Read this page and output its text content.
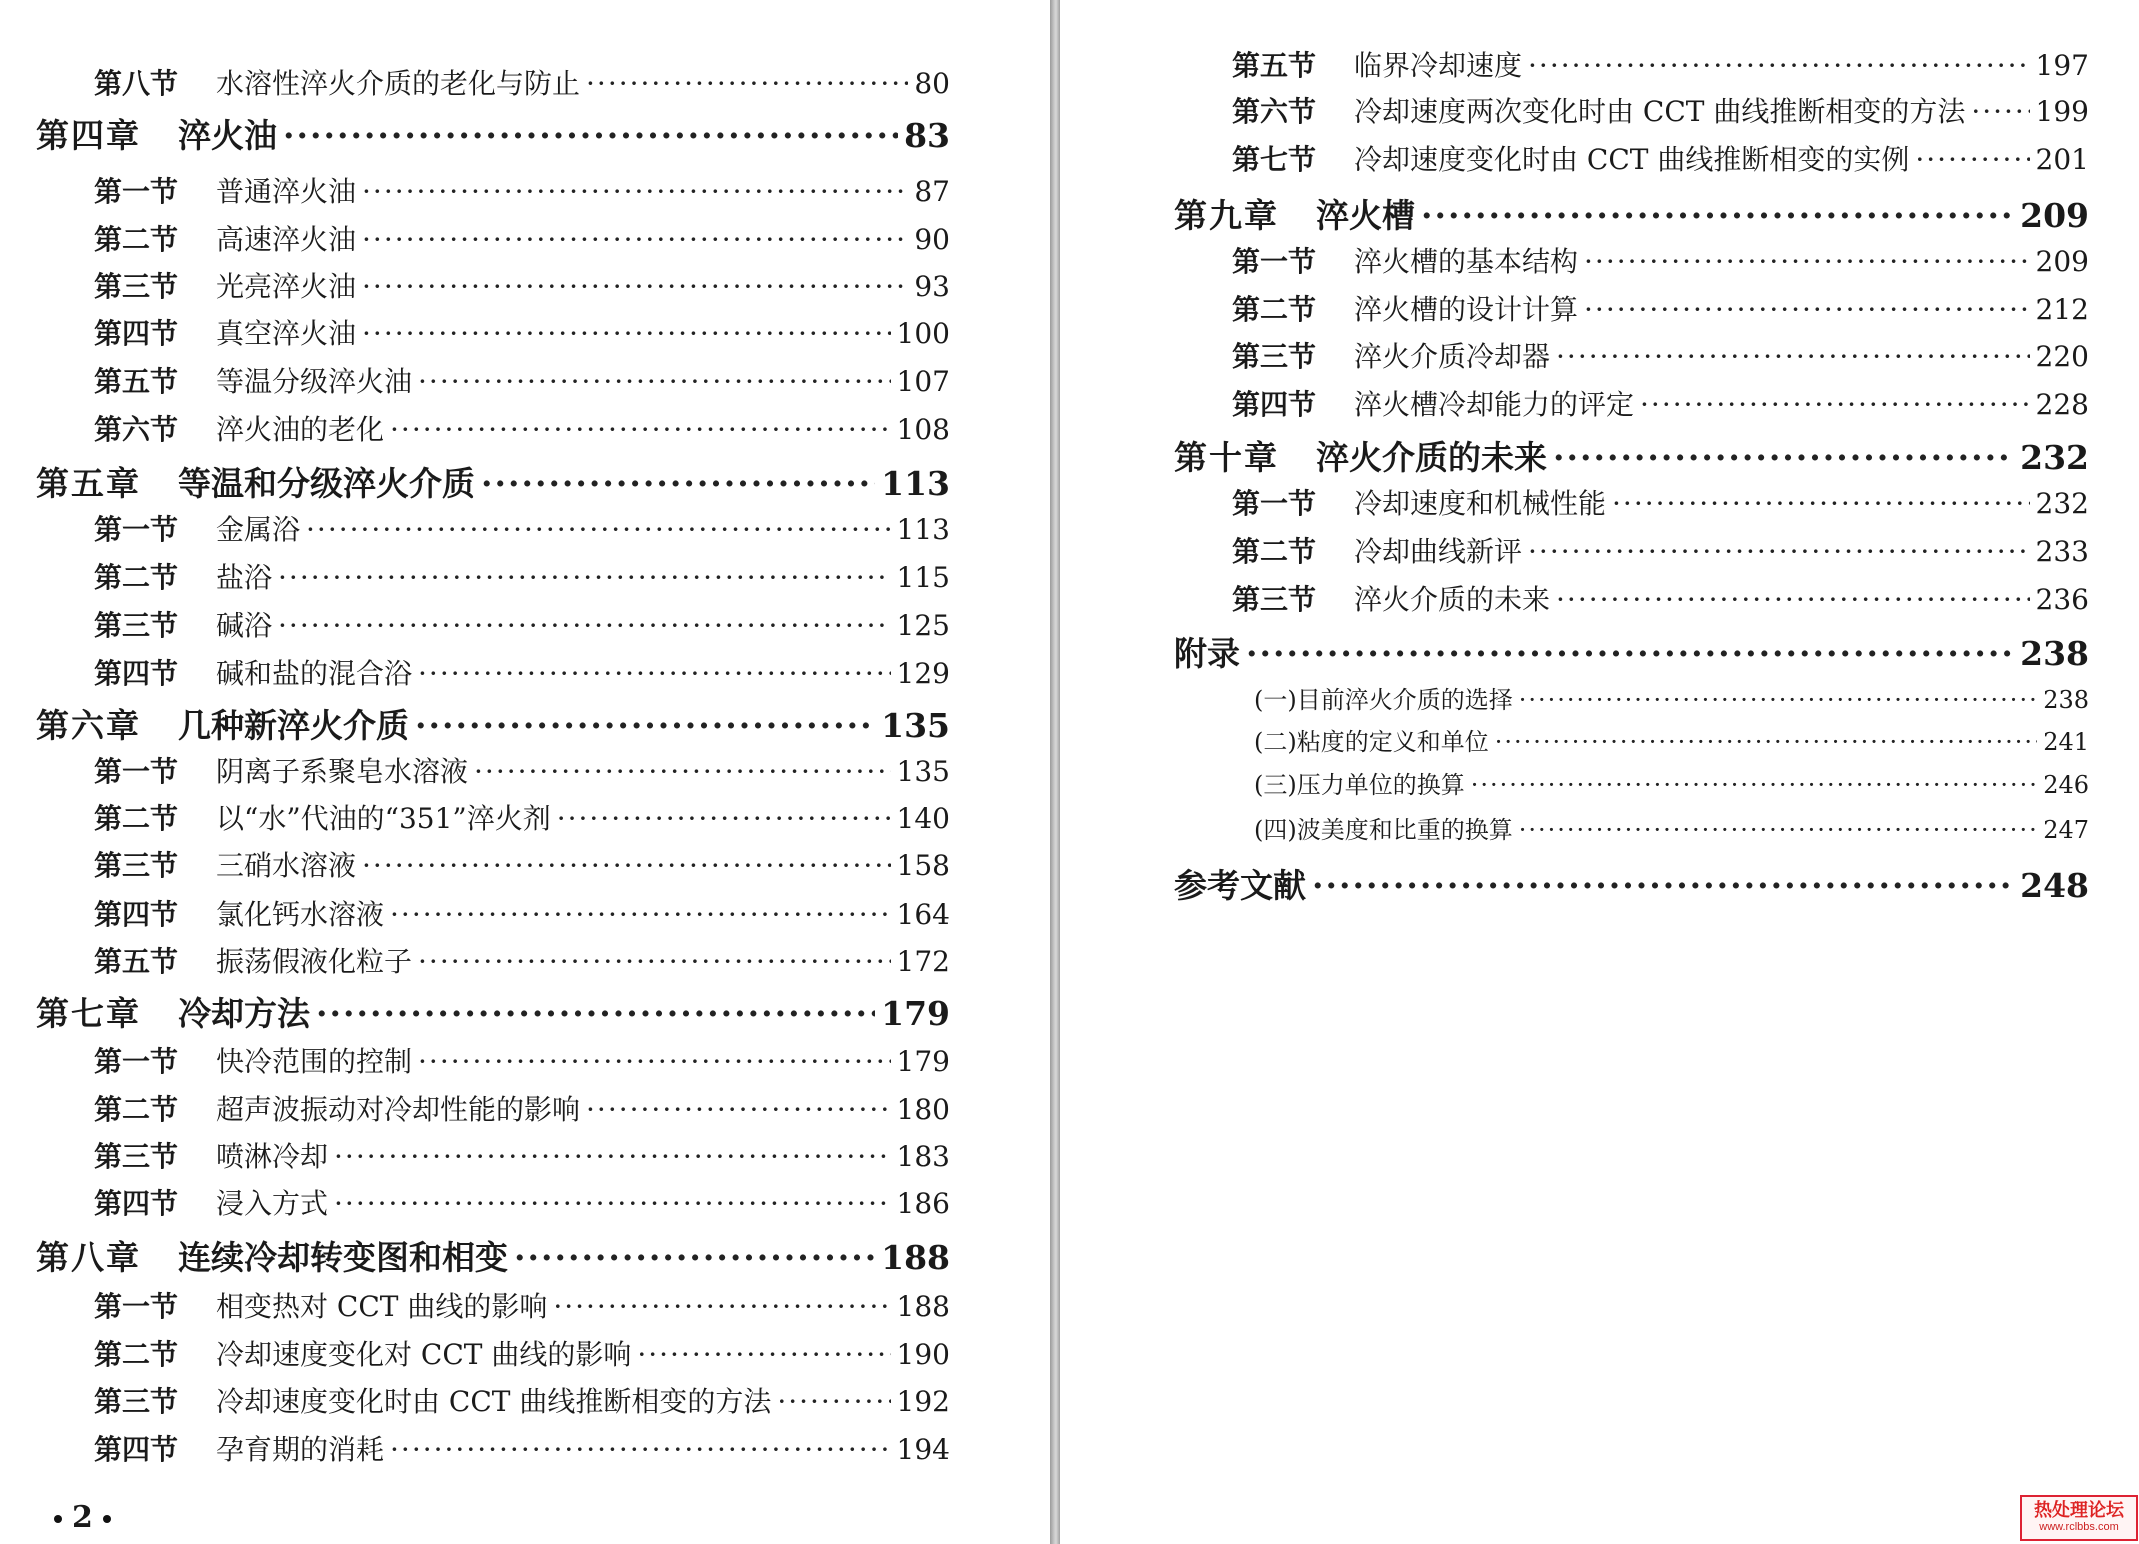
第八节	水溶性淬火介质的老化与防止 ·····	80
第四章	淬火油 ·····	83
第一节	普通淬火油 ·····	87
第二节	高速淬火油 ·····	90
第三节	光亮淬火油 ·····	93
第四节	真空淬火油 ·····	100
第五节	等温分级淬火油 ·····	107
第六节	淬火油的老化 ·····	108
第五章	等温和分级淬火介质 ·····	113
第一节	金属浴 ·····	113
第二节	盐浴 ·····	115
第三节	碱浴 ·····	125
第四节	碱和盐的混合浴 ·····	129
第六章	几种新淬火介质 ·····	135
第一节	阴离子系聚皂水溶液 ·····	135
第二节	以“水”代油的“351”淬火剂 ·····	140
第三节	三硝水溶液 ·····	158
第四节	氯化钙水溶液 ·····	164
第五节	振荡假液化粒子 ·····	172
第七章	冷却方法 ·····	179
第一节	快冷范围的控制 ·····	179
第二节	超声波振动对冷却性能的影响 ·····	180
第三节	喷淋冷却 ·····	183
第四节	浸入方式 ·····	186
第八章	连续冷却转变图和相变 ·····	188
第一节	相变热对 CCT 曲线的影响 ·····	188
第二节	冷却速度变化对 CCT 曲线的影响 ·····	190
第三节	冷却速度变化时由 CCT 曲线推断相变的方法 ·····	192
第四节	孕育期的消耗 ·····	194
2
第五节	临界冷却速度 ·····	197
第六节	冷却速度两次变化时由 CCT 曲线推断相变的方法 ·····	199
第七节	冷却速度变化时由 CCT 曲线推断相变的实例 ·····	201
第九章	淬火槽 ·····	209
第一节	淬火槽的基本结构 ·····	209
第二节	淬火槽的设计计算 ·····	212
第三节	淬火介质冷却器 ·····	220
第四节	淬火槽冷却能力的评定 ·····	228
第十章	淬火介质的未来 ·····	232
第一节	冷却速度和机械性能 ·····	232
第二节	冷却曲线新评 ·····	233
第三节	淬火介质的未来 ·····	236
附录 ·····	238
(一)目前淬火介质的选择 ·····	238
(二)粘度的定义和单位 ·····	241
(三)压力单位的换算 ·····	246
(四)波美度和比重的换算 ·····	247
参考文献 ·····	248
热处理论坛
www.rclbbs.com
